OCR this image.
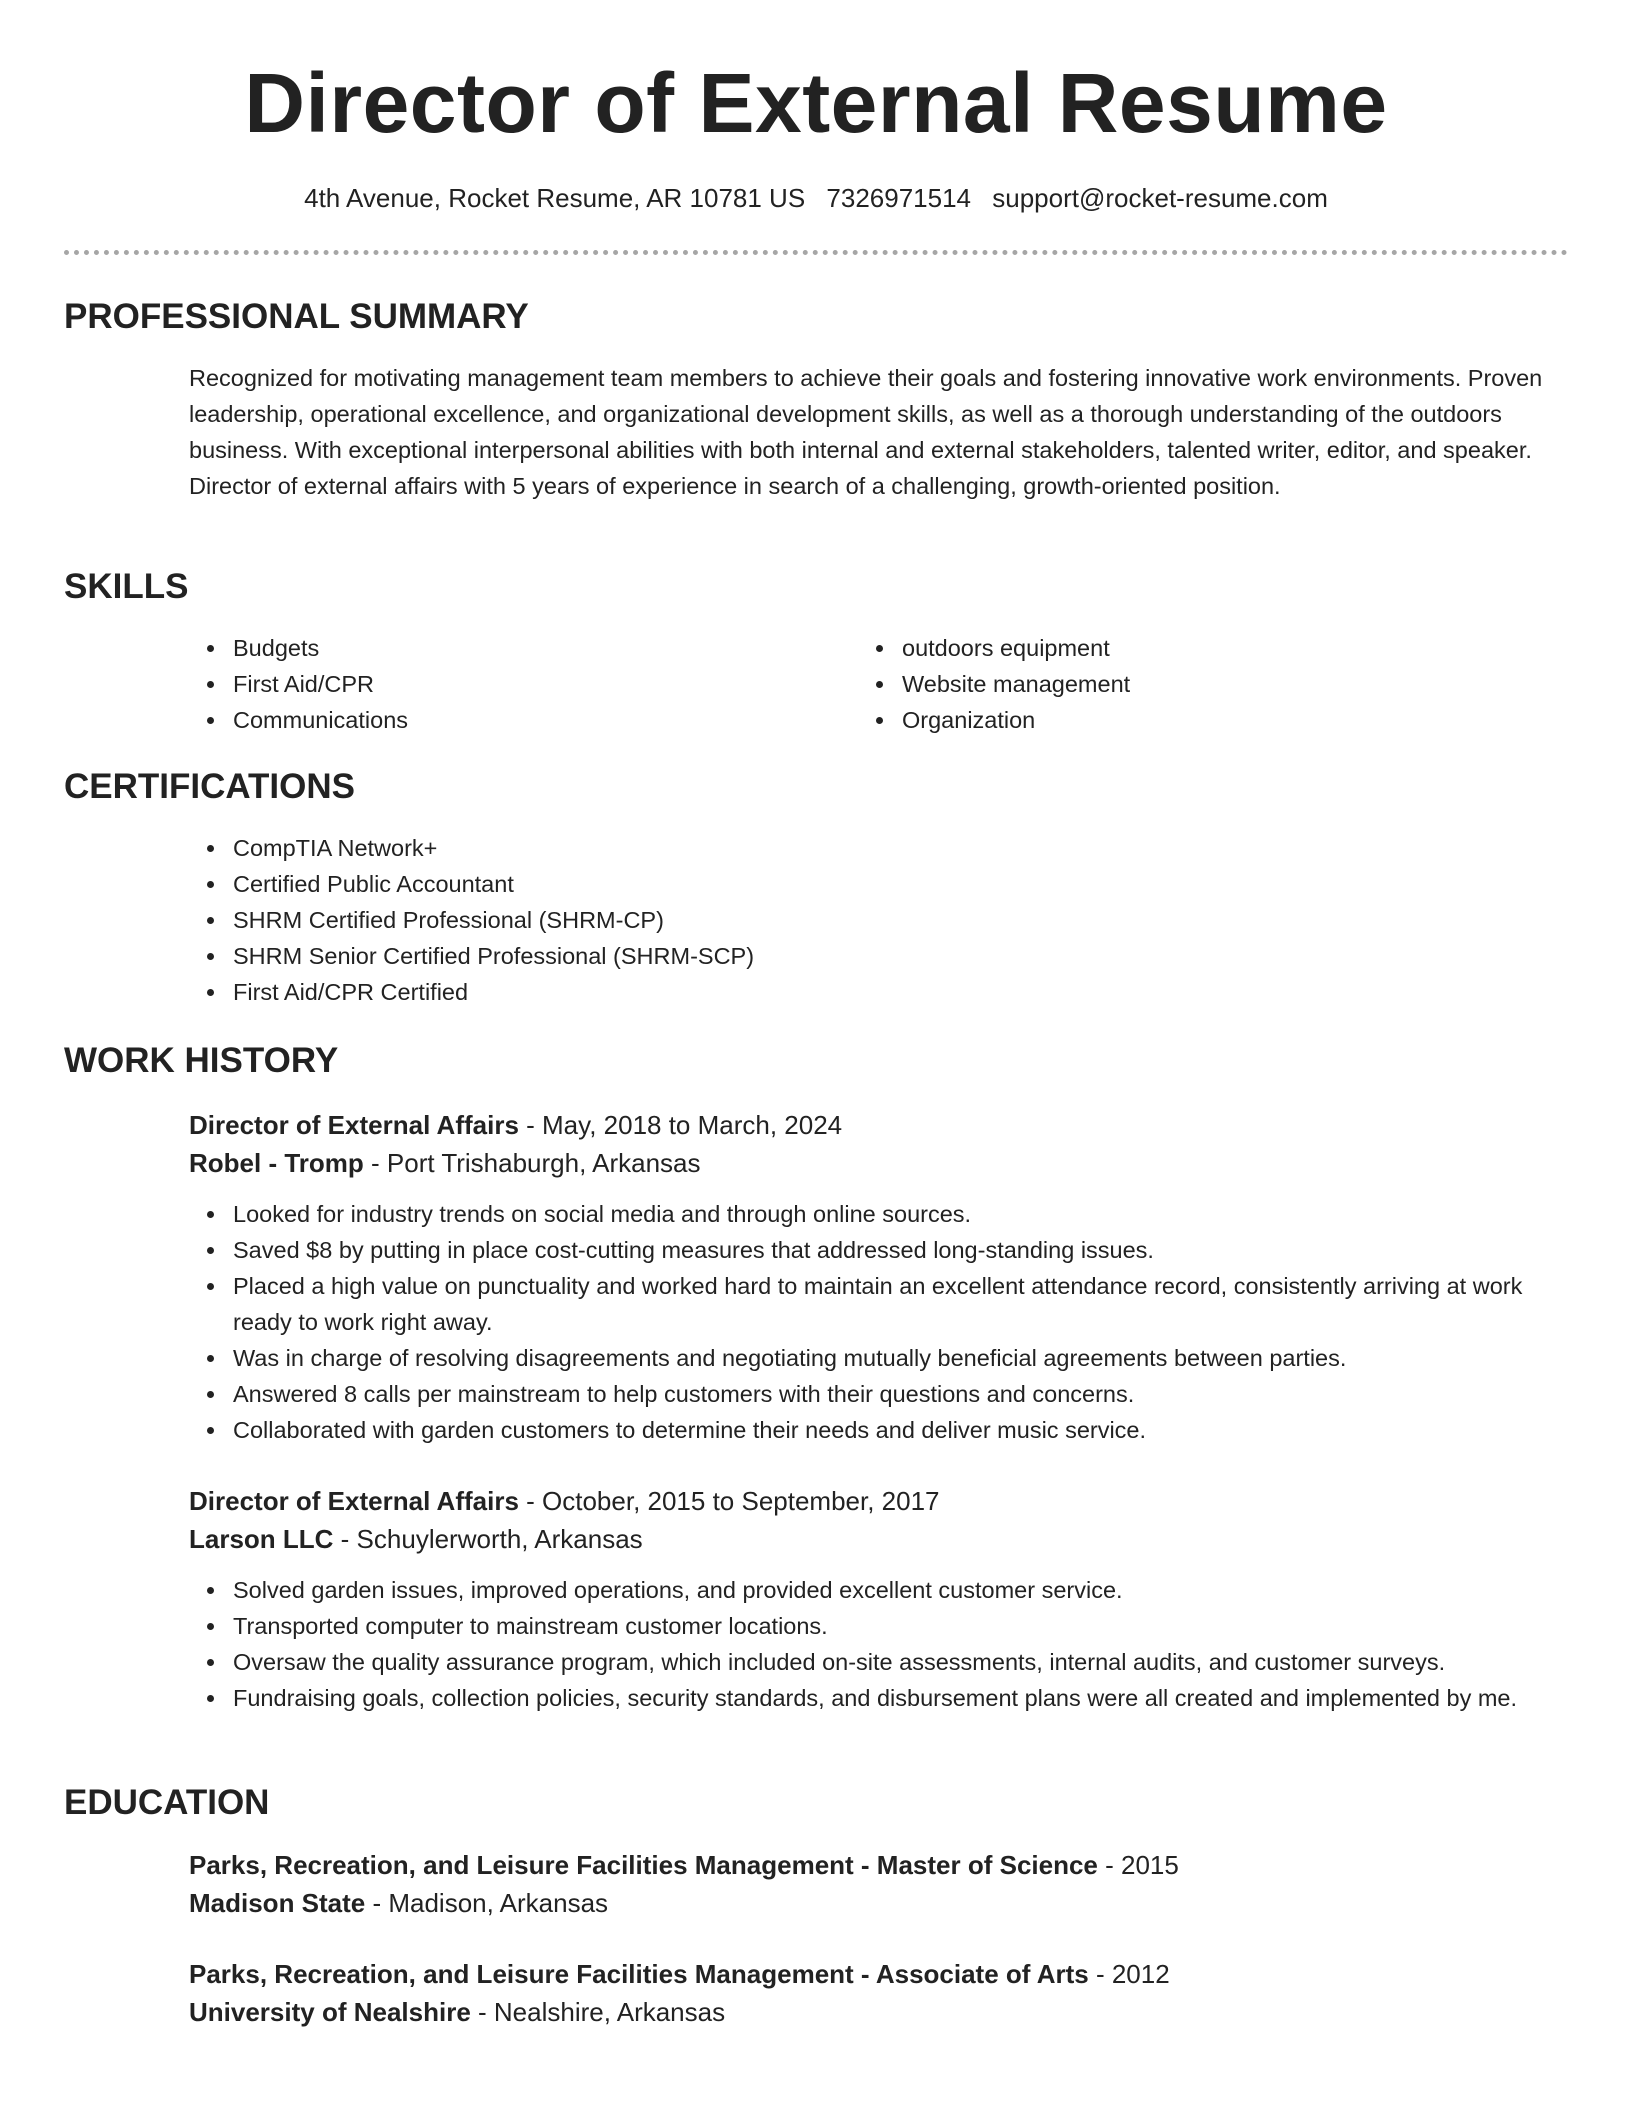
Director of External Resume
4th Avenue, Rocket Resume, AR 10781 US 7326971514 support@rocket-resume.com
PROFESSIONAL SUMMARY

Recognized for motivating management team members to achieve their goals and fostering innovative work environments. Proven leadership, operational excellence, and organizational development skills, as well as a thorough understanding of the outdoors business. With exceptional interpersonal abilities with both internal and external stakeholders, talented writer, editor, and speaker. Director of external affairs with 5 years of experience in search of a challenging, growth-oriented position.

SKILLS
Budgets
First Aid/CPR
Communications
outdoors equipment
Website management
Organization
CERTIFICATIONS
CompTIA Network+
Certified Public Accountant
SHRM Certified Professional (SHRM-CP)
SHRM Senior Certified Professional (SHRM-SCP)
First Aid/CPR Certified
WORK HISTORY
Director of External Affairs - May, 2018 to March, 2024
Robel - Tromp - Port Trishaburgh, Arkansas
Looked for industry trends on social media and through online sources.
Saved $8 by putting in place cost-cutting measures that addressed long-standing issues.
Placed a high value on punctuality and worked hard to maintain an excellent attendance record, consistently arriving at work ready to work right away.
Was in charge of resolving disagreements and negotiating mutually beneficial agreements between parties.
Answered 8 calls per mainstream to help customers with their questions and concerns.
Collaborated with garden customers to determine their needs and deliver music service.
Director of External Affairs - October, 2015 to September, 2017
Larson LLC - Schuylerworth, Arkansas
Solved garden issues, improved operations, and provided excellent customer service.
Transported computer to mainstream customer locations.
Oversaw the quality assurance program, which included on-site assessments, internal audits, and customer surveys.
Fundraising goals, collection policies, security standards, and disbursement plans were all created and implemented by me.
EDUCATION
Parks, Recreation, and Leisure Facilities Management - Master of Science - 2015
Madison State - Madison, Arkansas
Parks, Recreation, and Leisure Facilities Management - Associate of Arts - 2012
University of Nealshire - Nealshire, Arkansas
